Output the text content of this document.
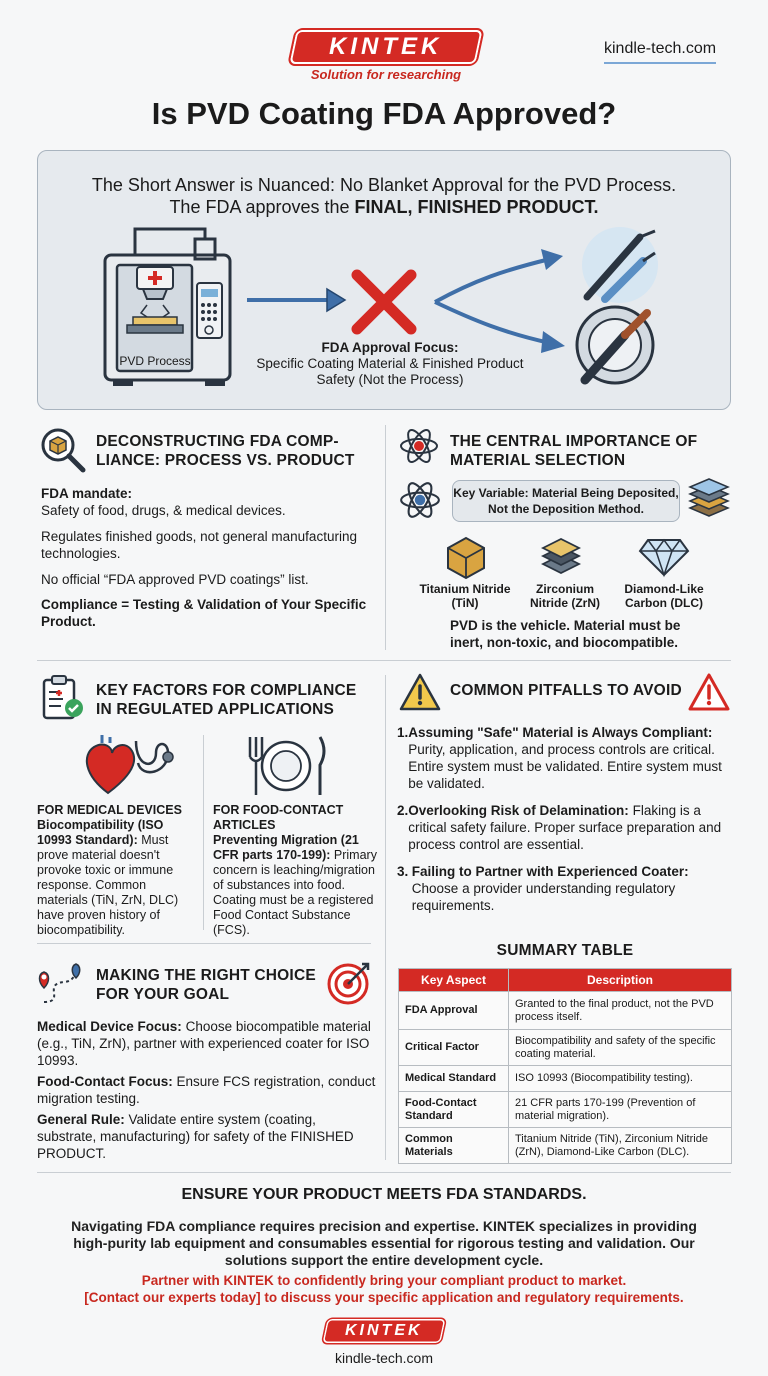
KINTEK
Solution for researching
kindle-tech.com
Is PVD Coating FDA Approved?
The Short Answer is Nuanced: No Blanket Approval for the PVD Process.
The FDA approves the FINAL, FINISHED PRODUCT.
PVD Process
FDA Approval Focus:
Specific Coating Material & Finished Product Safety (Not the Process)
DECONSTRUCTING FDA COMP-
LIANCE: PROCESS VS. PRODUCT
FDA mandate:
Safety of food, drugs, & medical devices.
Regulates finished goods, not general manufacturing technologies.
No official “FDA approved PVD coatings” list.
Compliance = Testing & Validation of Your Specific Product.
THE CENTRAL IMPORTANCE OF
MATERIAL SELECTION
Key Variable: Material Being Deposited, Not the Deposition Method.
Titanium Nitride (TiN)
Zirconium Nitride (ZrN)
Diamond-Like Carbon (DLC)
PVD is the vehicle. Material must be inert, non-toxic, and biocompatible.
KEY FACTORS FOR COMPLIANCE
IN REGULATED APPLICATIONS
FOR MEDICAL DEVICES
Biocompatibility (ISO 10993 Standard): Must prove material doesn't provoke toxic or immune response. Common materials (TiN, ZrN, DLC) have proven history of biocompatibility.
FOR FOOD-CONTACT ARTICLES
Preventing Migration (21 CFR parts 170-199): Primary concern is leaching/migration of substances into food. Coating must be a registered Food Contact Substance (FCS).
COMMON PITFALLS TO AVOID
1. Assuming "Safe" Material is Always Compliant:
Purity, application, and process controls are critical. Entire system must be validated. Entire system must be validated.
2. Overlooking Risk of Delamination: Flaking is a critical safety failure. Proper surface preparation and process control are essential.
3. Failing to Partner with Experienced Coater:
Choose a provider understanding regulatory requirements.
MAKING THE RIGHT CHOICE
FOR YOUR GOAL
Medical Device Focus: Choose biocompatible material (e.g., TiN, ZrN), partner with experienced coater for ISO 10993.
Food-Contact Focus: Ensure FCS registration, conduct migration testing.
General Rule: Validate entire system (coating, substrate, manufacturing) for safety of the FINISHED PRODUCT.
SUMMARY TABLE
Key Aspect	Description
FDA Approval	Granted to the final product, not the PVD process itself.
Critical Factor	Biocompatibility and safety of the specific coating material.
Medical Standard	ISO 10993 (Biocompatibility testing).
Food-Contact Standard	21 CFR parts 170-199 (Prevention of material migration).
Common Materials	Titanium Nitride (TiN), Zirconium Nitride (ZrN), Diamond-Like Carbon (DLC).
ENSURE YOUR PRODUCT MEETS FDA STANDARDS.
Navigating FDA compliance requires precision and expertise. KINTEK specializes in providing high-purity lab equipment and consumables essential for rigorous testing and validation. Our solutions support the entire development cycle.
Partner with KINTEK to confidently bring your compliant product to market.
[Contact our experts today] to discuss your specific application and regulatory requirements.
KINTEK
kindle-tech.com
